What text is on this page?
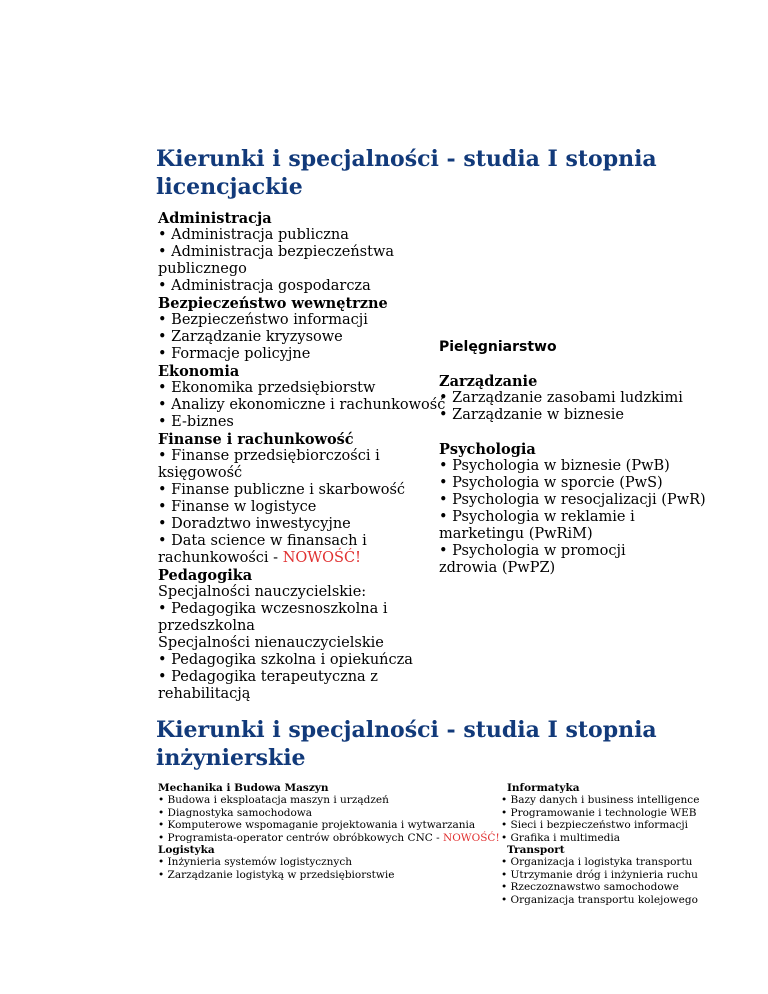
Kierunki i specjalności - studia I stopnia licencjackie
Administracja
• Administracja publiczna
• Administracja bezpieczeństwa
publicznego
• Administracja gospodarcza
Bezpieczeństwo wewnętrzne
• Bezpieczeństwo informacji
• Zarządzanie kryzysowe
• Formacje policyjne
Ekonomia
• Ekonomika przedsiębiorstw
• Analizy ekonomiczne i rachunkowość
• E-biznes
Finanse i rachunkowość
• Finanse przedsiębiorczości i
księgowość
• Finanse publiczne i skarbowość
• Finanse w logistyce
• Doradztwo inwestycyjne
• Data science w finansach i
rachunkowości - NOWOŚĆ!
Pedagogika
Specjalności nauczycielskie:
• Pedagogika wczesnoszkolna i
przedszkolna
Specjalności nienauczycielskie
• Pedagogika szkolna i opiekuńcza
• Pedagogika terapeutyczna z
rehabilitacją
Pielęgniarstwo
Zarządzanie
• Zarządzanie zasobami ludzkimi
• Zarządzanie w biznesie
Psychologia
• Psychologia w biznesie (PwB)
• Psychologia w sporcie (PwS)
• Psychologia w resocjalizacji (PwR)
• Psychologia w reklamie i
marketingu (PwRiM)
• Psychologia w promocji
zdrowia (PwPZ)
Kierunki i specjalności - studia I stopnia inżynierskie
Mechanika i Budowa Maszyn
• Budowa i eksploatacja maszyn i urządzeń
• Diagnostyka samochodowa
• Komputerowe wspomaganie projektowania i wytwarzania
• Programista-operator centrów obróbkowych CNC - NOWOŚĆ!
Logistyka
• Inżynieria systemów logistycznych
• Zarządzanie logistyką w przedsiębiorstwie
Informatyka
• Bazy danych i business intelligence
• Programowanie i technologie WEB
• Sieci i bezpieczeństwo informacji
• Grafika i multimedia
Transport
• Organizacja i logistyka transportu
• Utrzymanie dróg i inżynieria ruchu
• Rzeczoznawstwo samochodowe
• Organizacja transportu kolejowego
